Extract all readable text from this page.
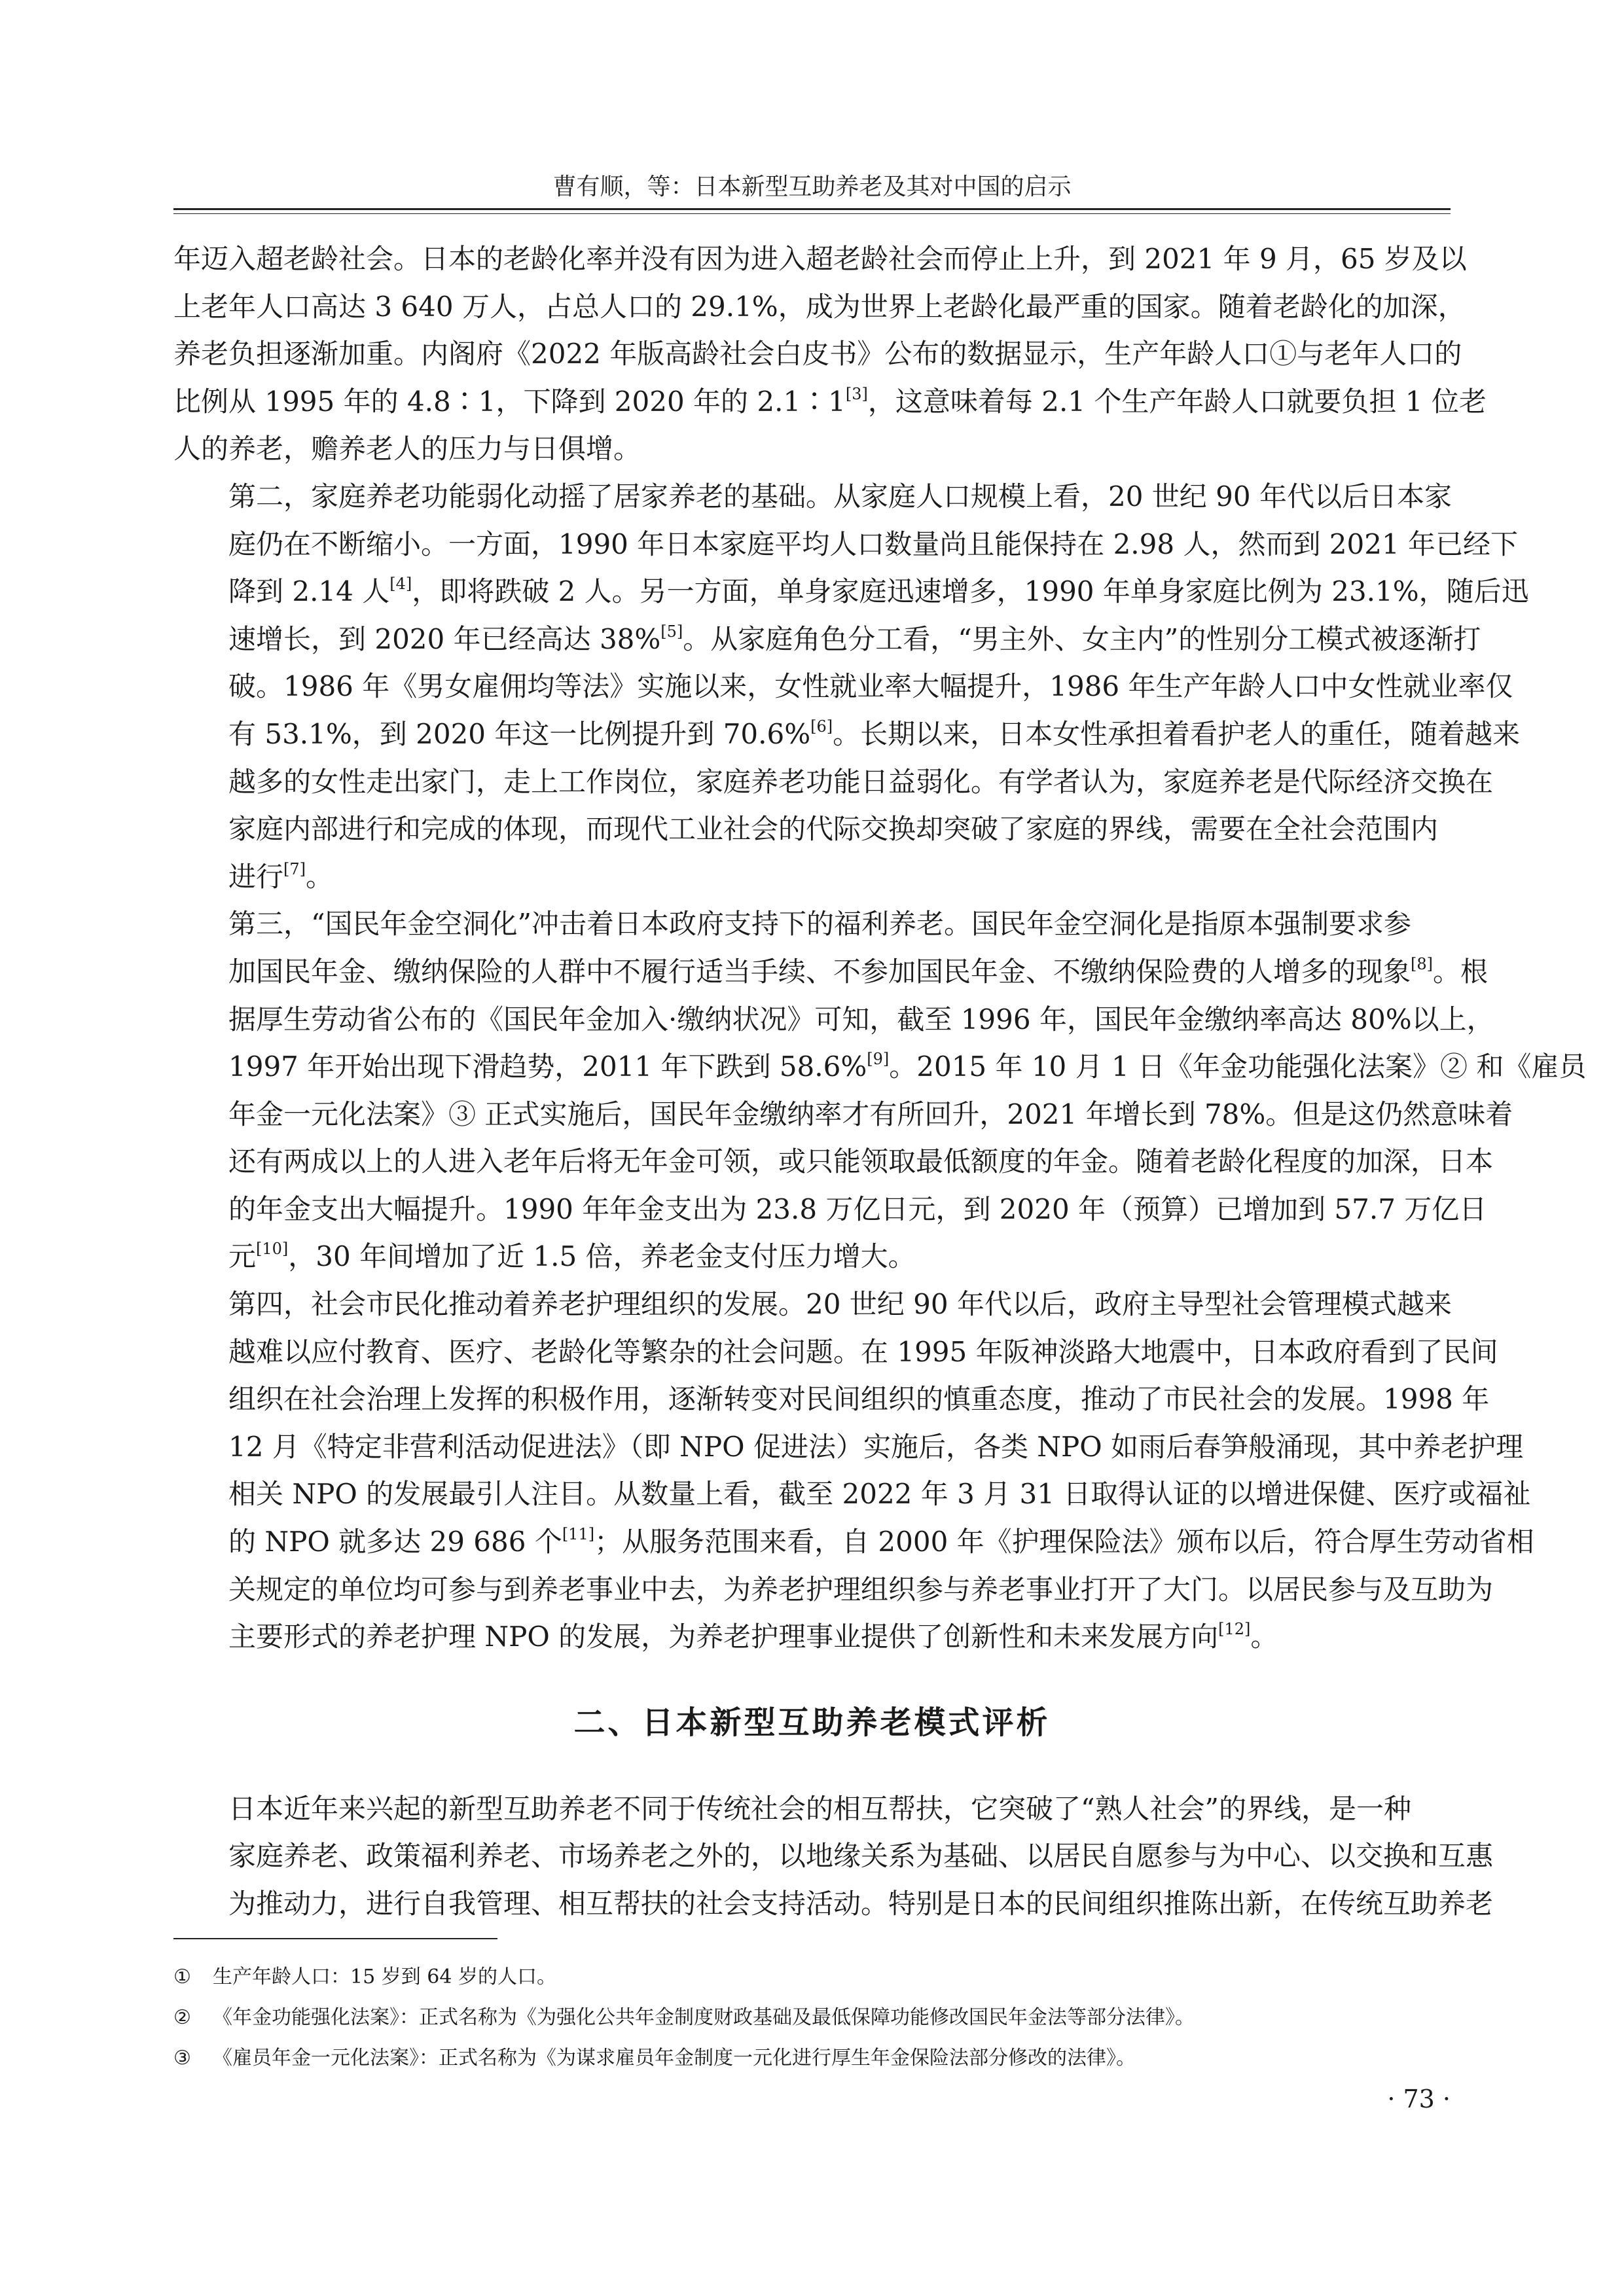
曹有顺，等：日本新型互助养老及其对中国的启示

年迈入超老龄社会。日本的老龄化率并没有因为进入超老龄社会而停止上升，到 2021 年 9 月，65 岁及以
上老年人口高达 3 640 万人，占总人口的 29.1%，成为世界上老龄化最严重的国家。随着老龄化的加深，
养老负担逐渐加重。内阁府《2022 年版高龄社会白皮书》公布的数据显示，生产年龄人口①与老年人口的
比例从 1995 年的 4.8∶1，下降到 2020 年的 2.1∶1[3]，这意味着每 2.1 个生产年龄人口就要负担 1 位老
人的养老，赡养老人的压力与日俱增。

第二，家庭养老功能弱化动摇了居家养老的基础。从家庭人口规模上看，20 世纪 90 年代以后日本家
庭仍在不断缩小。一方面，1990 年日本家庭平均人口数量尚且能保持在 2.98 人，然而到 2021 年已经下
降到 2.14 人[4]，即将跌破 2 人。另一方面，单身家庭迅速增多，1990 年单身家庭比例为 23.1%，随后迅
速增长，到 2020 年已经高达 38%[5]。从家庭角色分工看，“男主外、女主内”的性别分工模式被逐渐打
破。1986 年《男女雇佣均等法》实施以来，女性就业率大幅提升，1986 年生产年龄人口中女性就业率仅
有 53.1%，到 2020 年这一比例提升到 70.6%[6]。长期以来，日本女性承担着看护老人的重任，随着越来
越多的女性走出家门，走上工作岗位，家庭养老功能日益弱化。有学者认为，家庭养老是代际经济交换在
家庭内部进行和完成的体现，而现代工业社会的代际交换却突破了家庭的界线，需要在全社会范围内
进行[7]。

第三，“国民年金空洞化”冲击着日本政府支持下的福利养老。国民年金空洞化是指原本强制要求参
加国民年金、缴纳保险的人群中不履行适当手续、不参加国民年金、不缴纳保险费的人增多的现象[8]。根
据厚生劳动省公布的《国民年金加入·缴纳状况》可知，截至 1996 年，国民年金缴纳率高达 80%以上，
1997 年开始出现下滑趋势，2011 年下跌到 58.6%[9]。2015 年 10 月 1 日《年金功能强化法案》② 和《雇员
年金一元化法案》③ 正式实施后，国民年金缴纳率才有所回升，2021 年增长到 78%。但是这仍然意味着
还有两成以上的人进入老年后将无年金可领，或只能领取最低额度的年金。随着老龄化程度的加深，日本
的年金支出大幅提升。1990 年年金支出为 23.8 万亿日元，到 2020 年（预算）已增加到 57.7 万亿日
元[10]，30 年间增加了近 1.5 倍，养老金支付压力增大。

第四，社会市民化推动着养老护理组织的发展。20 世纪 90 年代以后，政府主导型社会管理模式越来
越难以应付教育、医疗、老龄化等繁杂的社会问题。在 1995 年阪神淡路大地震中，日本政府看到了民间
组织在社会治理上发挥的积极作用，逐渐转变对民间组织的慎重态度，推动了市民社会的发展。1998 年
12 月《特定非营利活动促进法》（即 NPO 促进法）实施后，各类 NPO 如雨后春笋般涌现，其中养老护理
相关 NPO 的发展最引人注目。从数量上看，截至 2022 年 3 月 31 日取得认证的以增进保健、医疗或福祉
的 NPO 就多达 29 686 个[11]；从服务范围来看，自 2000 年《护理保险法》颁布以后，符合厚生劳动省相
关规定的单位均可参与到养老事业中去，为养老护理组织参与养老事业打开了大门。以居民参与及互助为
主要形式的养老护理 NPO 的发展，为养老护理事业提供了创新性和未来发展方向[12]。

二、日本新型互助养老模式评析

日本近年来兴起的新型互助养老不同于传统社会的相互帮扶，它突破了“熟人社会”的界线，是一种
家庭养老、政策福利养老、市场养老之外的，以地缘关系为基础、以居民自愿参与为中心、以交换和互惠
为推动力，进行自我管理、相互帮扶的社会支持活动。特别是日本的民间组织推陈出新，在传统互助养老

① 生产年龄人口：15 岁到 64 岁的人口。
② 《年金功能强化法案》：正式名称为《为强化公共年金制度财政基础及最低保障功能修改国民年金法等部分法律》。
③ 《雇员年金一元化法案》：正式名称为《为谋求雇员年金制度一元化进行厚生年金保险法部分修改的法律》。
· 73 ·
